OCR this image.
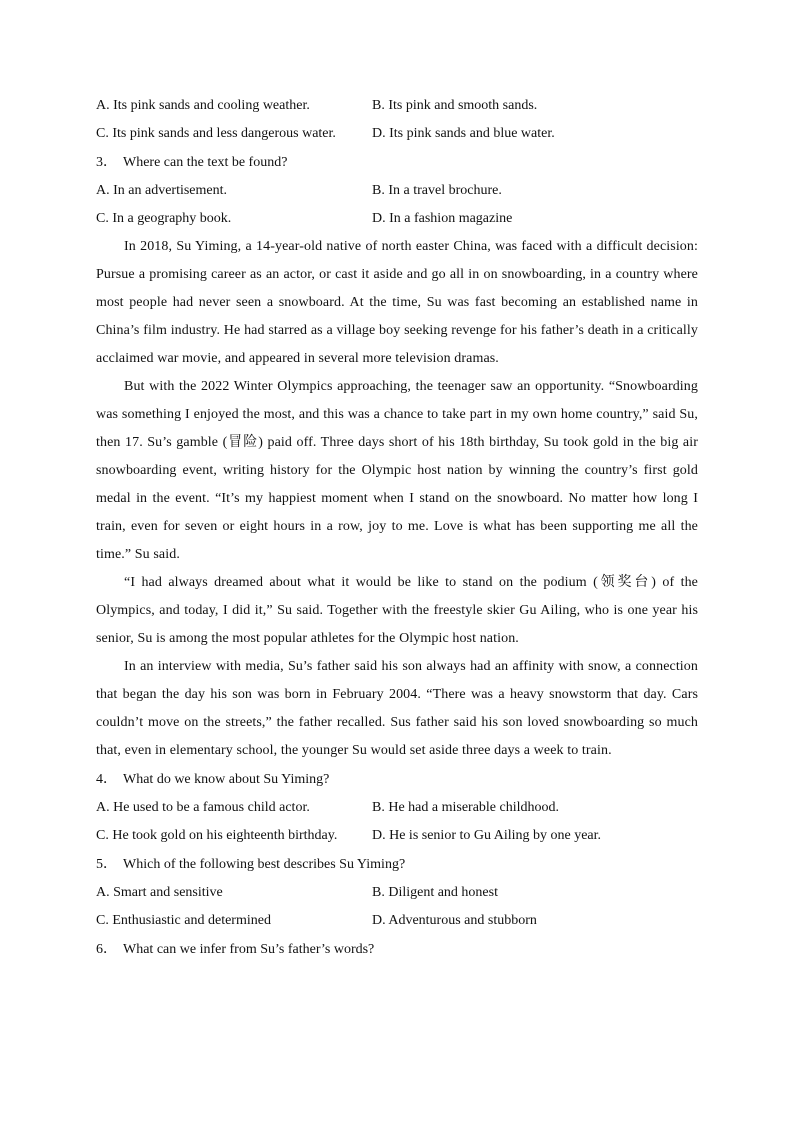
A. Its pink sands and cooling weather.	B. Its pink and smooth sands.
C. Its pink sands and less dangerous water.	D. Its pink sands and blue water.
3． Where can the text be found?
A. In an advertisement.	B. In a travel brochure.
C. In a geography book.	D. In a fashion magazine

In 2018, Su Yiming, a 14-year-old native of north easter China, was faced with a difficult decision: Pursue a promising career as an actor, or cast it aside and go all in on snowboarding, in a country where most people had never seen a snowboard. At the time, Su was fast becoming an established name in China’s film industry. He had starred as a village boy seeking revenge for his father’s death in a critically acclaimed war movie, and appeared in several more television dramas.

But with the 2022 Winter Olympics approaching, the teenager saw an opportunity. “Snowboarding was something I enjoyed the most, and this was a chance to take part in my own home country,” said Su, then 17. Su’s gamble (冒险) paid off. Three days short of his 18th birthday, Su took gold in the big air snowboarding event, writing history for the Olympic host nation by winning the country’s first gold medal in the event. “It’s my happiest moment when I stand on the snowboard. No matter how long I train, even for seven or eight hours in a row, joy to me. Love is what has been supporting me all the time.” Su said.

“I had always dreamed about what it would be like to stand on the podium (领奖台) of the Olympics, and today, I did it,” Su said. Together with the freestyle skier Gu Ailing, who is one year his senior, Su is among the most popular athletes for the Olympic host nation.

In an interview with media, Su’s father said his son always had an affinity with snow, a connection that began the day his son was born in February 2004. “There was a heavy snowstorm that day. Cars couldn’t move on the streets,” the father recalled. Sus father said his son loved snowboarding so much that, even in elementary school, the younger Su would set aside three days a week to train.

4． What do we know about Su Yiming?
A. He used to be a famous child actor.	B. He had a miserable childhood.
C. He took gold on his eighteenth birthday.	D. He is senior to Gu Ailing by one year.
5． Which of the following best describes Su Yiming?
A. Smart and sensitive	B. Diligent and honest
C. Enthusiastic and determined	D. Adventurous and stubborn
6． What can we infer from Su’s father’s words?
